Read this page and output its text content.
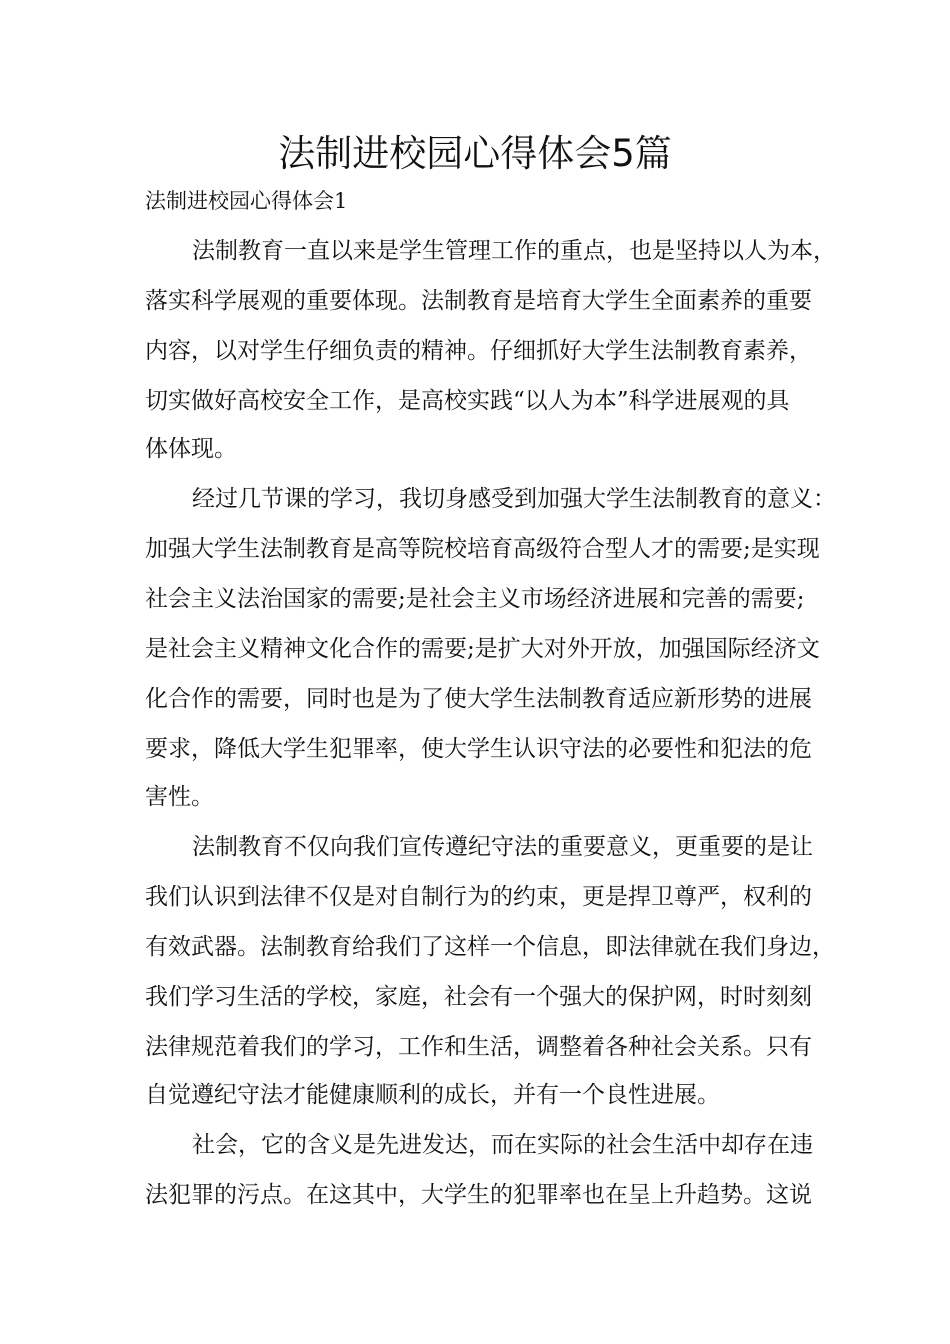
法制进校园心得体会5篇

法制进校园心得体会1

法制教育一直以来是学生管理工作的重点，也是坚持以人为本，

落实科学展观的重要体现。法制教育是培育大学生全面素养的重要

内容，以对学生仔细负责的精神。仔细抓好大学生法制教育素养，

切实做好高校安全工作，是高校实践“以人为本”科学进展观的具

体体现。

经过几节课的学习，我切身感受到加强大学生法制教育的意义：

加强大学生法制教育是高等院校培育高级符合型人才的需要;是实现

社会主义法治国家的需要;是社会主义市场经济进展和完善的需要;

是社会主义精神文化合作的需要;是扩大对外开放，加强国际经济文

化合作的需要，同时也是为了使大学生法制教育适应新形势的进展

要求，降低大学生犯罪率，使大学生认识守法的必要性和犯法的危

害性。

法制教育不仅向我们宣传遵纪守法的重要意义，更重要的是让

我们认识到法律不仅是对自制行为的约束，更是捍卫尊严，权利的

有效武器。法制教育给我们了这样一个信息，即法律就在我们身边，

我们学习生活的学校，家庭，社会有一个强大的保护网，时时刻刻

法律规范着我们的学习，工作和生活，调整着各种社会关系。只有

自觉遵纪守法才能健康顺利的成长，并有一个良性进展。

社会，它的含义是先进发达，而在实际的社会生活中却存在违

法犯罪的污点。在这其中，大学生的犯罪率也在呈上升趋势。这说
